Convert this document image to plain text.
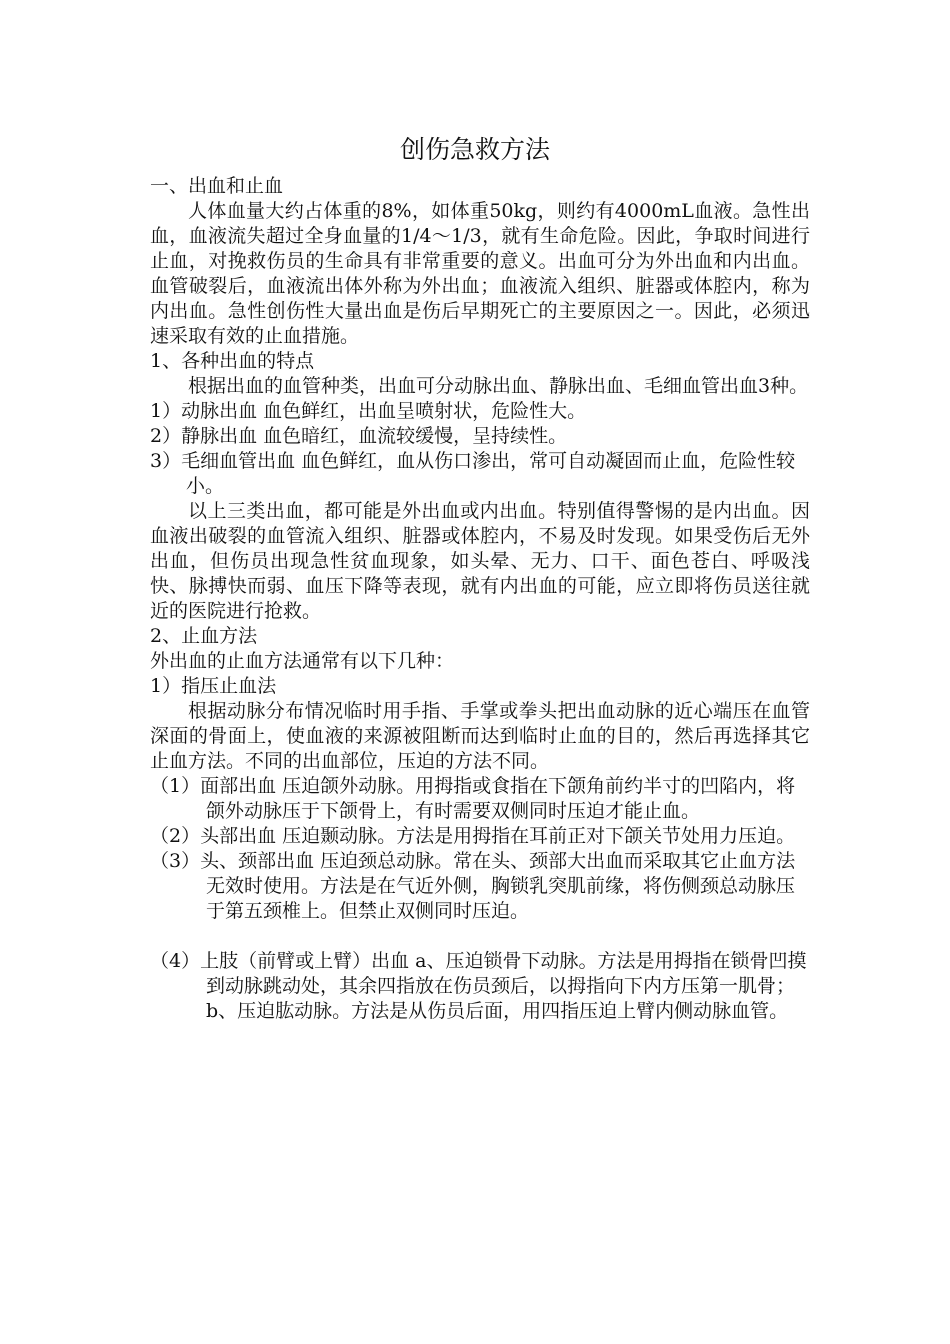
创伤急救方法

一、出血和止血

人体血量大约占体重的8%，如体重50kg，则约有4000mL血液。急性出血，血液流失超过全身血量的1/4～1/3，就有生命危险。因此，争取时间进行止血，对挽救伤员的生命具有非常重要的意义。出血可分为外出血和内出血。血管破裂后，血液流出体外称为外出血；血液流入组织、脏器或体腔内，称为内出血。急性创伤性大量出血是伤后早期死亡的主要原因之一。因此，必须迅速采取有效的止血措施。

1、各种出血的特点

根据出血的血管种类，出血可分动脉出血、静脉出血、毛细血管出血3种。

1）动脉出血 血色鲜红，出血呈喷射状，危险性大。

2）静脉出血 血色暗红，血流较缓慢，呈持续性。

3）毛细血管出血 血色鲜红，血从伤口渗出，常可自动凝固而止血，危险性较小。

以上三类出血，都可能是外出血或内出血。特别值得警惕的是内出血。因血液出破裂的血管流入组织、脏器或体腔内，不易及时发现。如果受伤后无外出血，但伤员出现急性贫血现象，如头晕、无力、口干、面色苍白、呼吸浅快、脉搏快而弱、血压下降等表现，就有内出血的可能，应立即将伤员送往就近的医院进行抢救。

2、止血方法

外出血的止血方法通常有以下几种：

1）指压止血法

根据动脉分布情况临时用手指、手掌或拳头把出血动脉的近心端压在血管深面的骨面上，使血液的来源被阻断而达到临时止血的目的，然后再选择其它止血方法。不同的出血部位，压迫的方法不同。

（1）面部出血 压迫颌外动脉。用拇指或食指在下颌角前约半寸的凹陷内，将颌外动脉压于下颌骨上，有时需要双侧同时压迫才能止血。

（2）头部出血 压迫颞动脉。方法是用拇指在耳前正对下颌关节处用力压迫。

（3）头、颈部出血 压迫颈总动脉。常在头、颈部大出血而采取其它止血方法无效时使用。方法是在气近外侧，胸锁乳突肌前缘，将伤侧颈总动脉压于第五颈椎上。但禁止双侧同时压迫。

（4）上肢（前臂或上臂）出血 a、压迫锁骨下动脉。方法是用拇指在锁骨凹摸到动脉跳动处，其余四指放在伤员颈后，以拇指向下内方压第一肌骨；b、压迫肱动脉。方法是从伤员后面，用四指压迫上臂内侧动脉血管。
